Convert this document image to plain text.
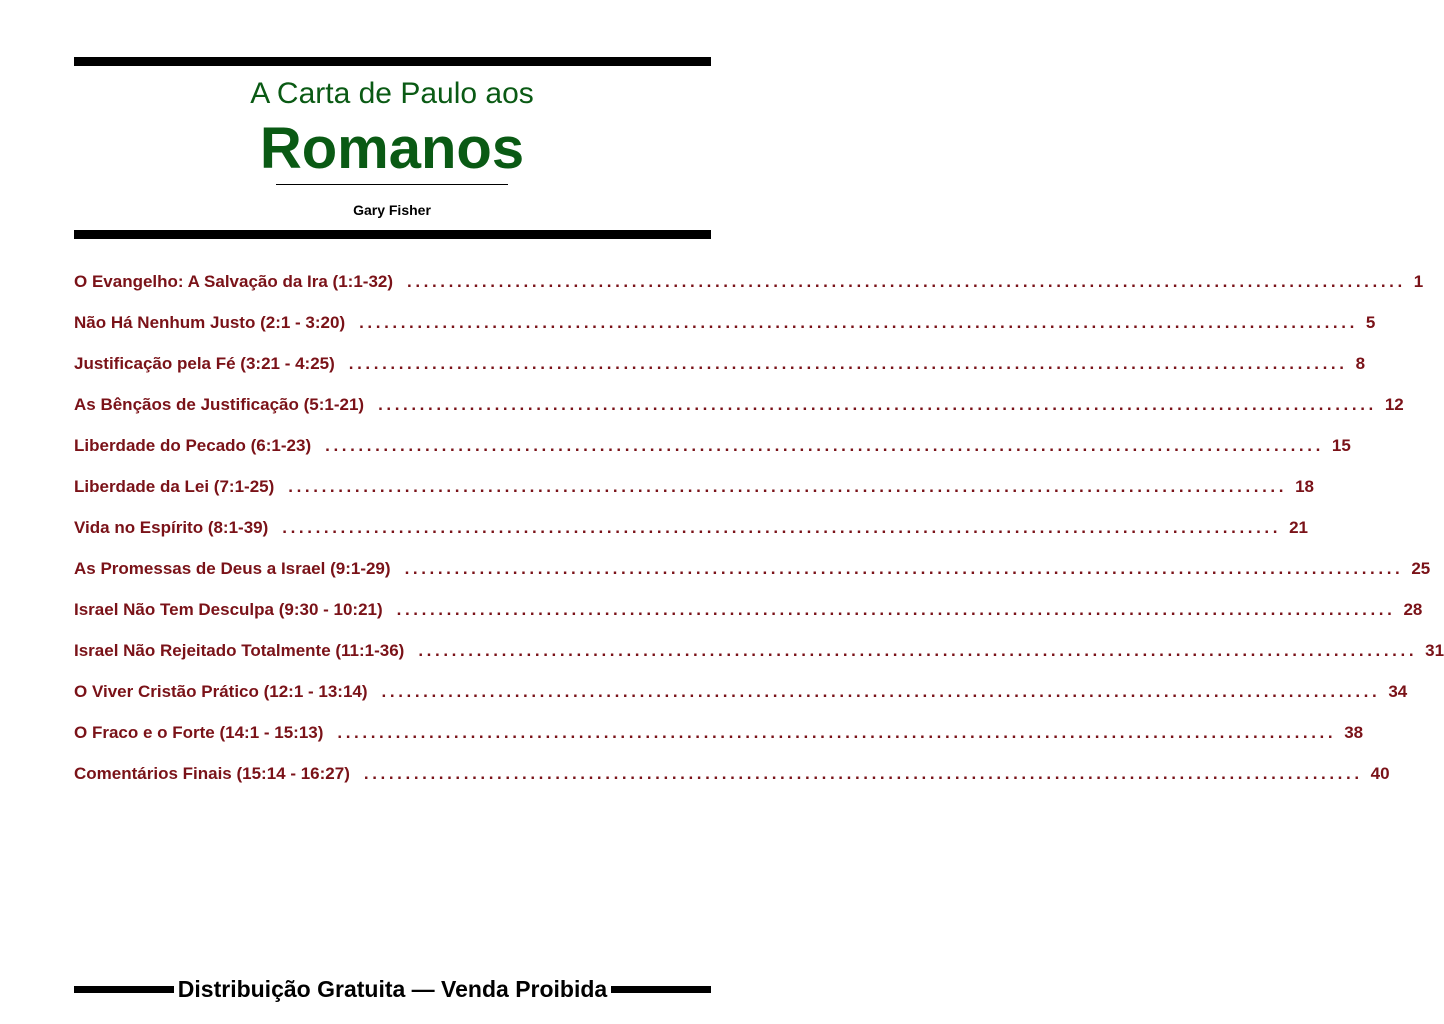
A Carta de Paulo aos
Romanos
Gary Fisher
O Evangelho: A Salvação da Ira (1:1-32) ........................................................................................................................ 1
Não Há Nenhum Justo (2:1 - 3:20) ........................................................................................................................ 5
Justificação pela Fé (3:21 - 4:25) ........................................................................................................................ 8
As Bênçãos de Justificação (5:1-21) ........................................................................................................................ 12
Liberdade do Pecado (6:1-23) ........................................................................................................................ 15
Liberdade da Lei (7:1-25) ........................................................................................................................ 18
Vida no Espírito (8:1-39) ........................................................................................................................ 21
As Promessas de Deus a Israel (9:1-29) ........................................................................................................................ 25
Israel Não Tem Desculpa (9:30 - 10:21) ........................................................................................................................ 28
Israel Não Rejeitado Totalmente (11:1-36) ........................................................................................................................ 31
O Viver Cristão Prático (12:1 - 13:14) ........................................................................................................................ 34
O Fraco e o Forte (14:1 - 15:13) ........................................................................................................................ 38
Comentários Finais (15:14 - 16:27) ........................................................................................................................ 40
Distribuição Gratuita — Venda Proibida
